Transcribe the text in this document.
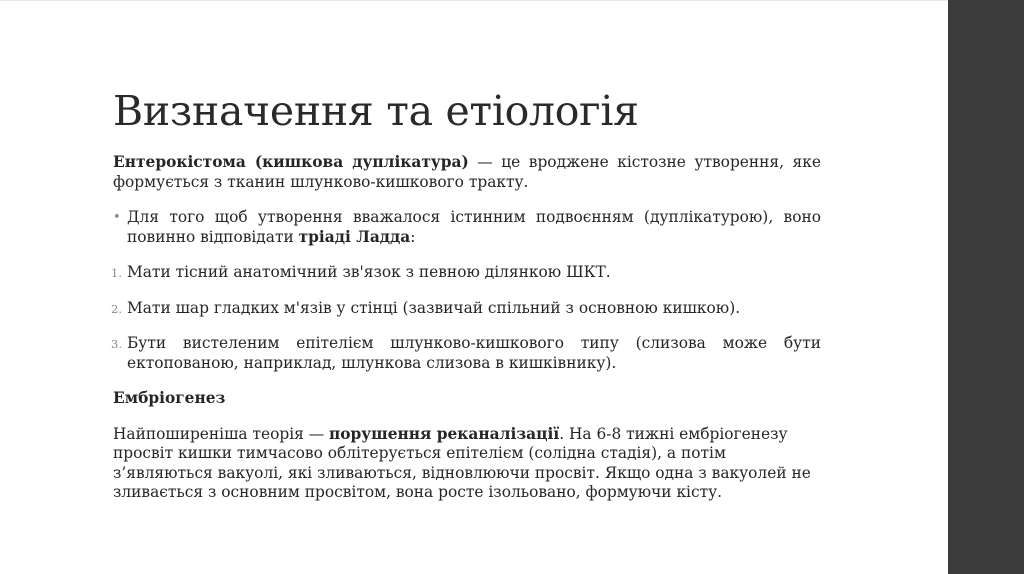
Визначення та етіологія

Ентерокістома (кишкова дуплікатура) — це вроджене кістозне утворення, яке формується з тканин шлунково-кишкового тракту.

• Для того щоб утворення вважалося істинним подвоєнням (дуплікатурою), воно повинно відповідати тріаді Ладда:
1. Мати тісний анатомічний зв'язок з певною ділянкою ШКТ.
2. Мати шар гладких м'язів у стінці (зазвичай спільний з основною кишкою).
3. Бути вистеленим епітелієм шлунково-кишкового типу (слизова може бути ектопованою, наприклад, шлункова слизова в кишківнику).

Ембріогенез

Найпоширеніша теорія — порушення реканалізації. На 6-8 тижні ембріогенезу просвіт кишки тимчасово облітерується епітелієм (солідна стадія), а потім з’являються вакуолі, які зливаються, відновлюючи просвіт. Якщо одна з вакуолей не зливається з основним просвітом, вона росте ізольовано, формуючи кісту.
